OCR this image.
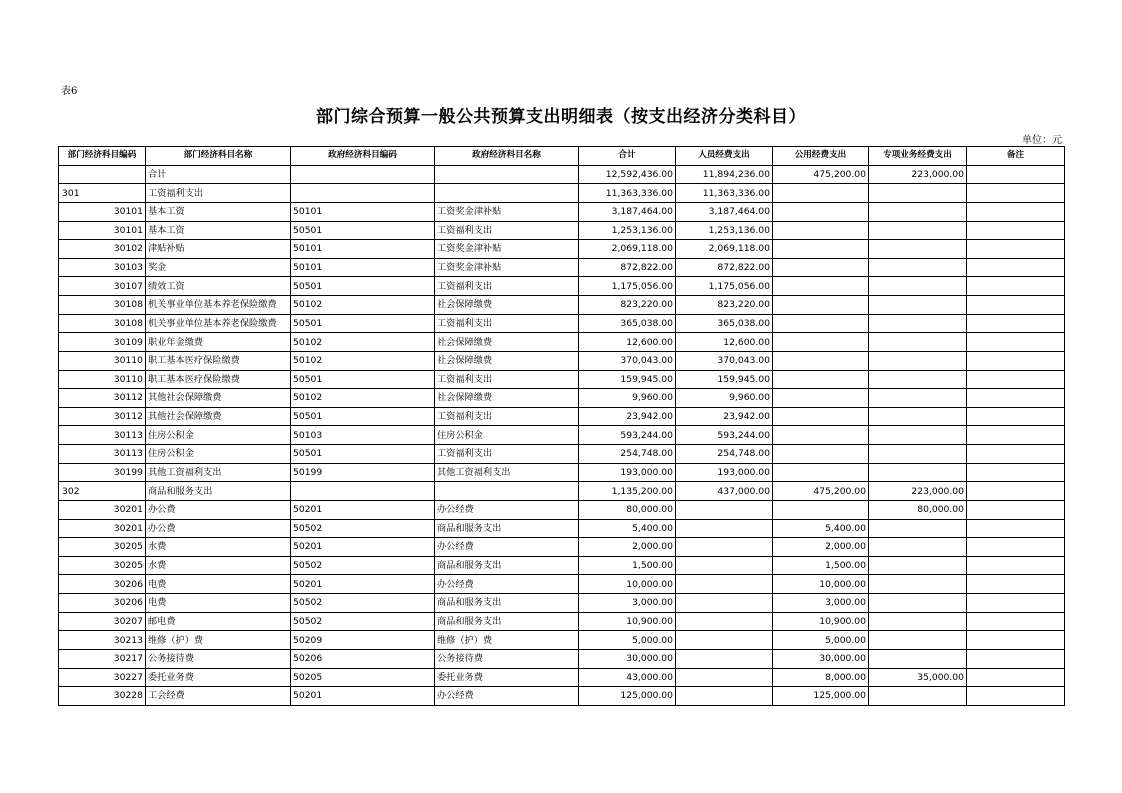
表6
部门综合预算一般公共预算支出明细表（按支出经济分类科目）
单位：元
部门经济科目编码	部门经济科目名称	政府经济科目编码	政府经济科目名称	合计	人员经费支出	公用经费支出	专项业务经费支出	备注
	合计			12,592,436.00	11,894,236.00	475,200.00	223,000.00	
301	工资福利支出			11,363,336.00	11,363,336.00			
30101	基本工资	50101	工资奖金津补贴	3,187,464.00	3,187,464.00			
30101	基本工资	50501	工资福利支出	1,253,136.00	1,253,136.00			
30102	津贴补贴	50101	工资奖金津补贴	2,069,118.00	2,069,118.00			
30103	奖金	50101	工资奖金津补贴	872,822.00	872,822.00			
30107	绩效工资	50501	工资福利支出	1,175,056.00	1,175,056.00			
30108	机关事业单位基本养老保险缴费	50102	社会保障缴费	823,220.00	823,220.00			
30108	机关事业单位基本养老保险缴费	50501	工资福利支出	365,038.00	365,038.00			
30109	职业年金缴费	50102	社会保障缴费	12,600.00	12,600.00			
30110	职工基本医疗保险缴费	50102	社会保障缴费	370,043.00	370,043.00			
30110	职工基本医疗保险缴费	50501	工资福利支出	159,945.00	159,945.00			
30112	其他社会保障缴费	50102	社会保障缴费	9,960.00	9,960.00			
30112	其他社会保障缴费	50501	工资福利支出	23,942.00	23,942.00			
30113	住房公积金	50103	住房公积金	593,244.00	593,244.00			
30113	住房公积金	50501	工资福利支出	254,748.00	254,748.00			
30199	其他工资福利支出	50199	其他工资福利支出	193,000.00	193,000.00			
302	商品和服务支出			1,135,200.00	437,000.00	475,200.00	223,000.00	
30201	办公费	50201	办公经费	80,000.00			80,000.00	
30201	办公费	50502	商品和服务支出	5,400.00		5,400.00		
30205	水费	50201	办公经费	2,000.00		2,000.00		
30205	水费	50502	商品和服务支出	1,500.00		1,500.00		
30206	电费	50201	办公经费	10,000.00		10,000.00		
30206	电费	50502	商品和服务支出	3,000.00		3,000.00		
30207	邮电费	50502	商品和服务支出	10,900.00		10,900.00		
30213	维修（护）费	50209	维修（护）费	5,000.00		5,000.00		
30217	公务接待费	50206	公务接待费	30,000.00		30,000.00		
30227	委托业务费	50205	委托业务费	43,000.00		8,000.00	35,000.00	
30228	工会经费	50201	办公经费	125,000.00		125,000.00		
